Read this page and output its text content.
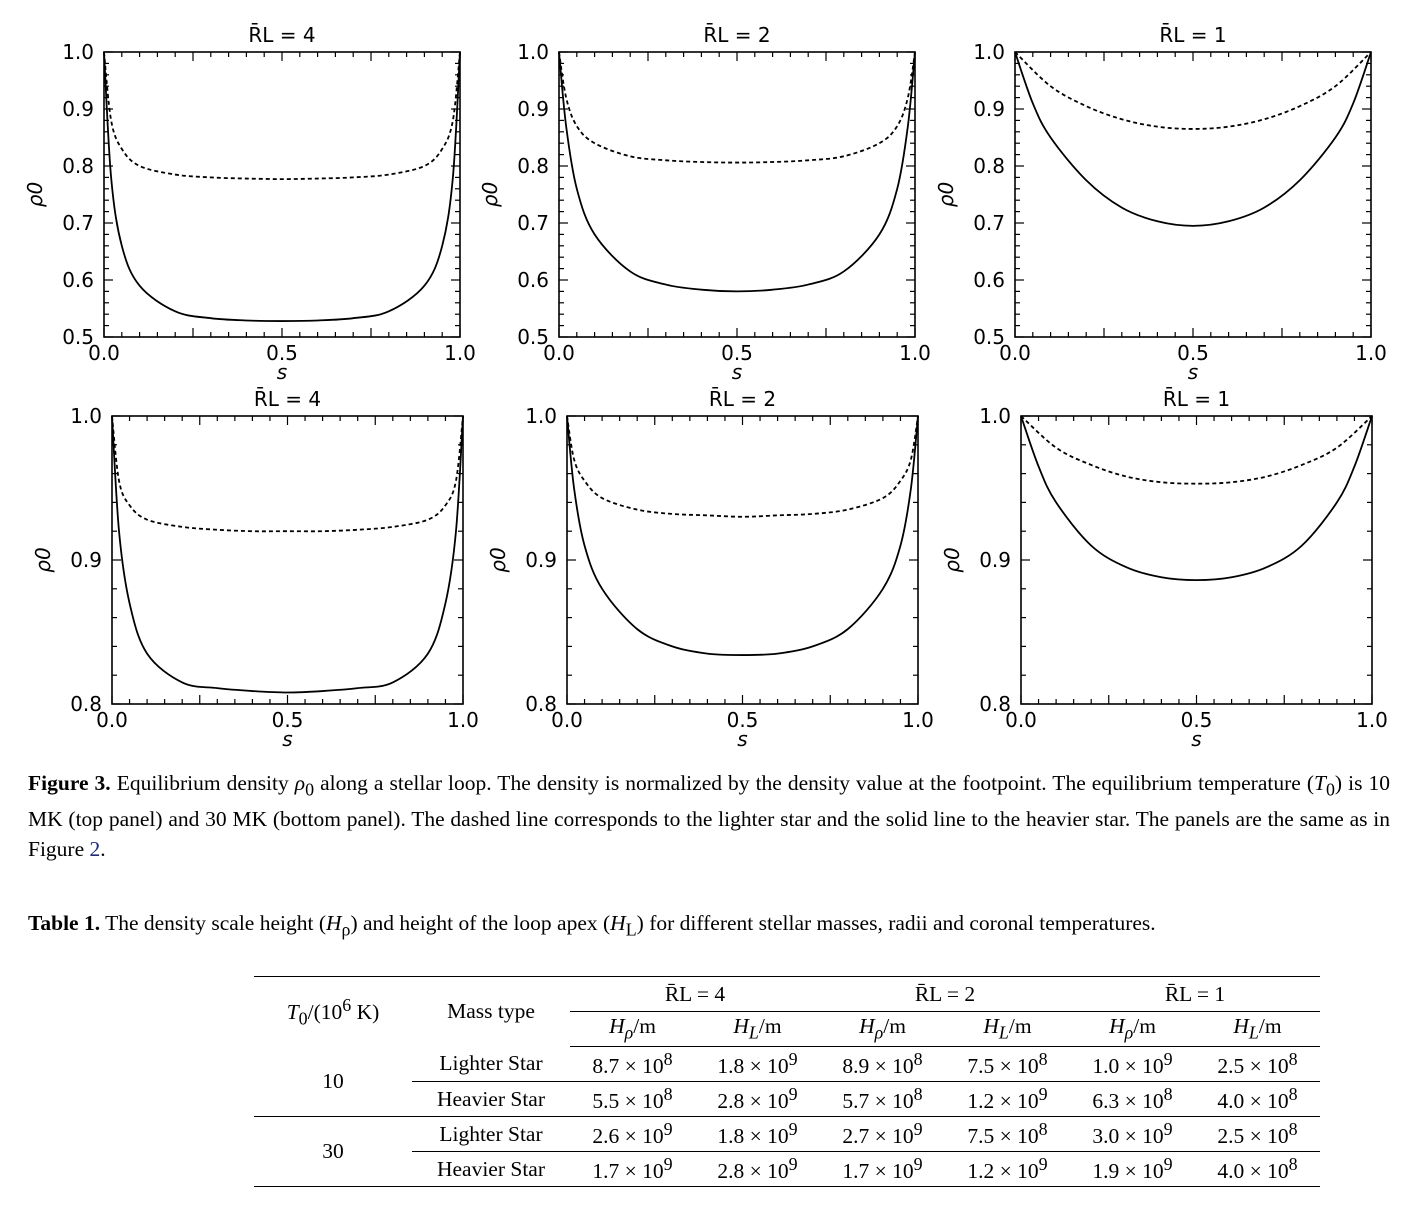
0.5
0.6
0.7
0.8
0.9
1.0
0.0	0.5	1.0
s
ρ0
R̄L = 4
0.5
0.6
0.7
0.8
0.9
1.0
0.0	0.5	1.0
s
ρ0
R̄L = 2
0.5
0.6
0.7
0.8
0.9
1.0
0.0	0.5	1.0
s
ρ0
R̄L = 1
0.8
0.9
1.0
0.0	0.5	1.0
s
ρ0
R̄L = 4
0.8
0.9
1.0
0.0	0.5	1.0
s
ρ0
R̄L = 2
0.8
0.9
1.0
0.0	0.5	1.0
s
ρ0
R̄L = 1
Figure 3. Equilibrium density $\rho_0$ along a stellar loop. The density is normalized by the density value at the footpoint. The equilibrium temperature $(T_0)$ is 10 MK (top panel) and 30 MK (bottom panel). The dashed line corresponds to the lighter star and the solid line to the heavier star. The panels are the same as in Figure 2.
Table 1. The density scale height $(H_\rho)$ and height of the loop apex $(H_L)$ for different stellar masses, radii and coronal temperatures.
$T_0/(10^6$ K)	Mass type	R̄L = 4		R̄L = 2		R̄L = 1	
		$H_\rho/m$	$H_L/m$	$H_\rho/m$	$H_L/m$	$H_\rho/m$	$H_L/m$
10	Lighter Star	$8.7 \times 10^8$	$1.8 \times 10^9$	$8.9 \times 10^8$	$7.5 \times 10^8$	$1.0 \times 10^9$	$2.5 \times 10^8$
	Heavier Star	$5.5 \times 10^8$	$2.8 \times 10^9$	$5.7 \times 10^8$	$1.2 \times 10^9$	$6.3 \times 10^8$	$4.0 \times 10^8$
30	Lighter Star	$2.6 \times 10^9$	$1.8 \times 10^9$	$2.7 \times 10^9$	$7.5 \times 10^8$	$3.0 \times 10^9$	$2.5 \times 10^8$
	Heavier Star	$1.7 \times 10^9$	$2.8 \times 10^9$	$1.7 \times 10^9$	$1.2 \times 10^9$	$1.9 \times 10^9$	$4.0 \times 10^8$
